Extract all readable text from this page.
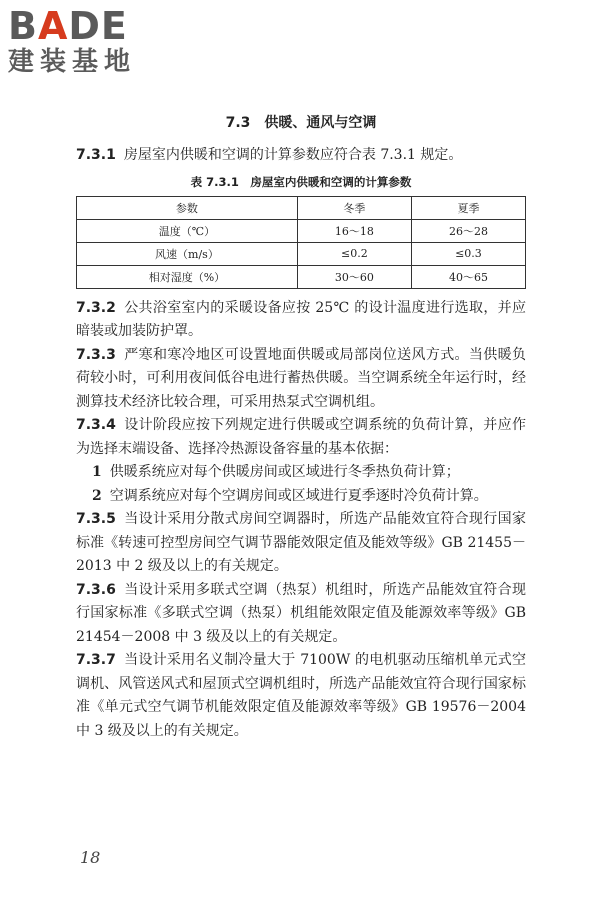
BADE
建装基地
7.3　供暖、通风与空调

7.3.1 房屋室内供暖和空调的计算参数应符合表 7.3.1 规定。

表 7.3.1　房屋室内供暖和空调的计算参数
参数	冬季	夏季
温度（℃）	16～18	26～28
风速（m/s）	≤0.2	≤0.3
相对湿度（%）	30～60	40～65

7.3.2 公共浴室室内的采暖设备应按 25℃ 的设计温度进行选取，并应暗装或加装防护罩。

7.3.3 严寒和寒冷地区可设置地面供暖或局部岗位送风方式。当供暖负荷较小时，可利用夜间低谷电进行蓄热供暖。当空调系统全年运行时，经测算技术经济比较合理，可采用热泵式空调机组。

7.3.4 设计阶段应按下列规定进行供暖或空调系统的负荷计算，并应作为选择末端设备、选择冷热源设备容量的基本依据：

1 供暖系统应对每个供暖房间或区域进行冬季热负荷计算；

2 空调系统应对每个空调房间或区域进行夏季逐时冷负荷计算。

7.3.5 当设计采用分散式房间空调器时，所选产品能效宜符合现行国家标准《转速可控型房间空气调节器能效限定值及能效等级》GB 21455－2013 中 2 级及以上的有关规定。

7.3.6 当设计采用多联式空调（热泵）机组时，所选产品能效宜符合现行国家标准《多联式空调（热泵）机组能效限定值及能源效率等级》GB 21454－2008 中 3 级及以上的有关规定。

7.3.7 当设计采用名义制冷量大于 7100W 的电机驱动压缩机单元式空调机、风管送风式和屋顶式空调机组时，所选产品能效宜符合现行国家标准《单元式空气调节机能效限定值及能源效率等级》GB 19576－2004 中 3 级及以上的有关规定。

18
